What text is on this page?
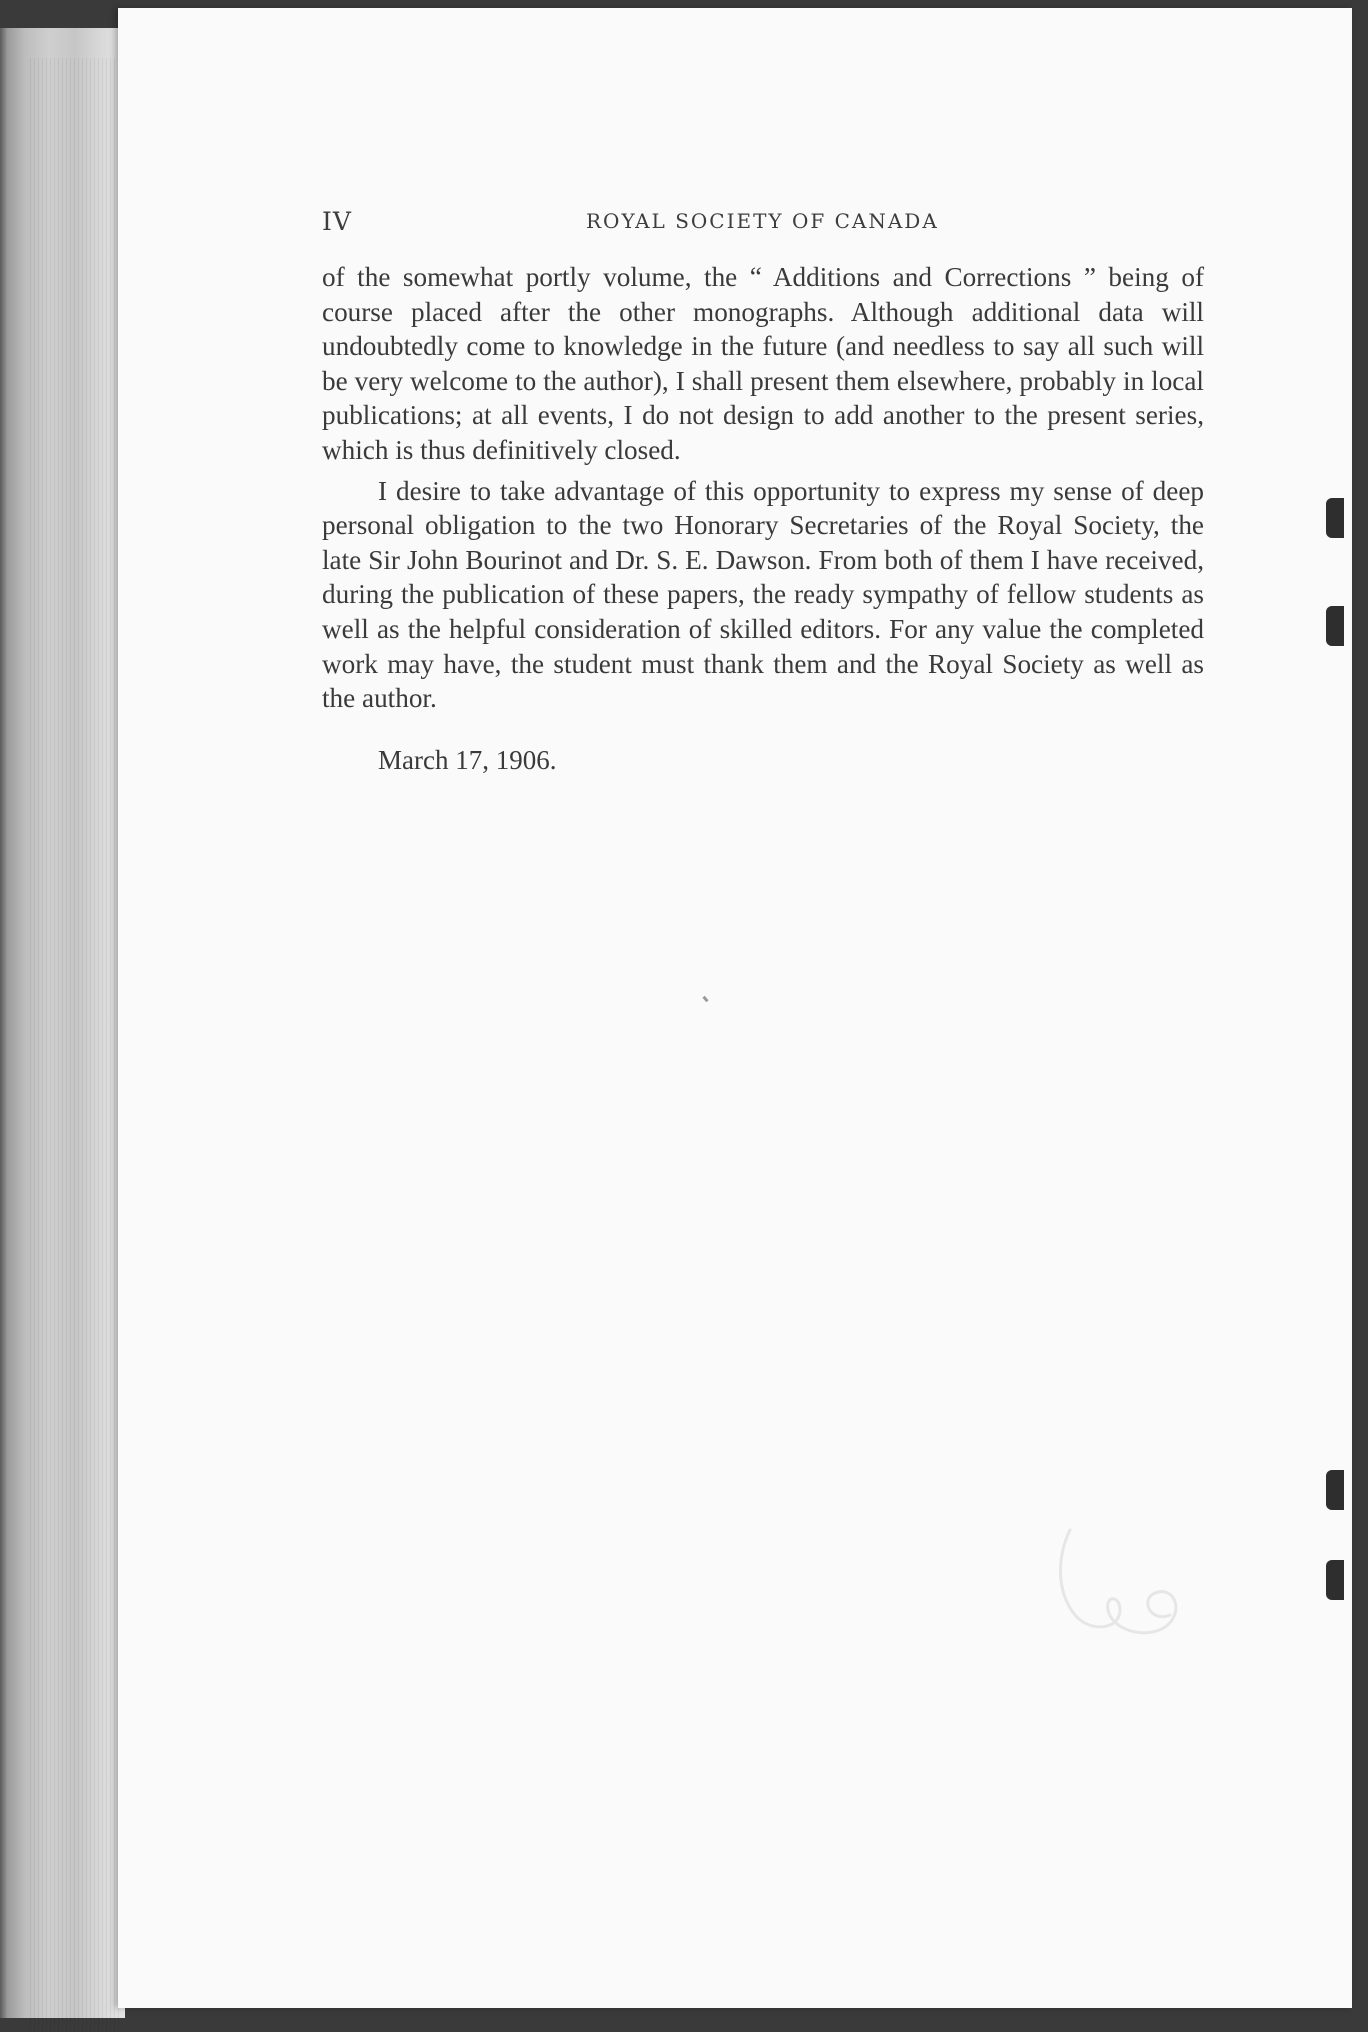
IV	ROYAL SOCIETY OF CANADA

of the somewhat portly volume, the “ Additions and Corrections ” being of course placed after the other monographs. Although additional data will undoubtedly come to knowledge in the future (and needless to say all such will be very welcome to the author), I shall present them elsewhere, probably in local publications; at all events, I do not design to add another to the present series, which is thus definitively closed.

I desire to take advantage of this opportunity to express my sense of deep personal obligation to the two Honorary Secretaries of the Royal Society, the late Sir John Bourinot and Dr. S. E. Dawson. From both of them I have received, during the publication of these papers, the ready sympathy of fellow students as well as the helpful consideration of skilled editors. For any value the completed work may have, the student must thank them and the Royal Society as well as the author.

March 17, 1906.
